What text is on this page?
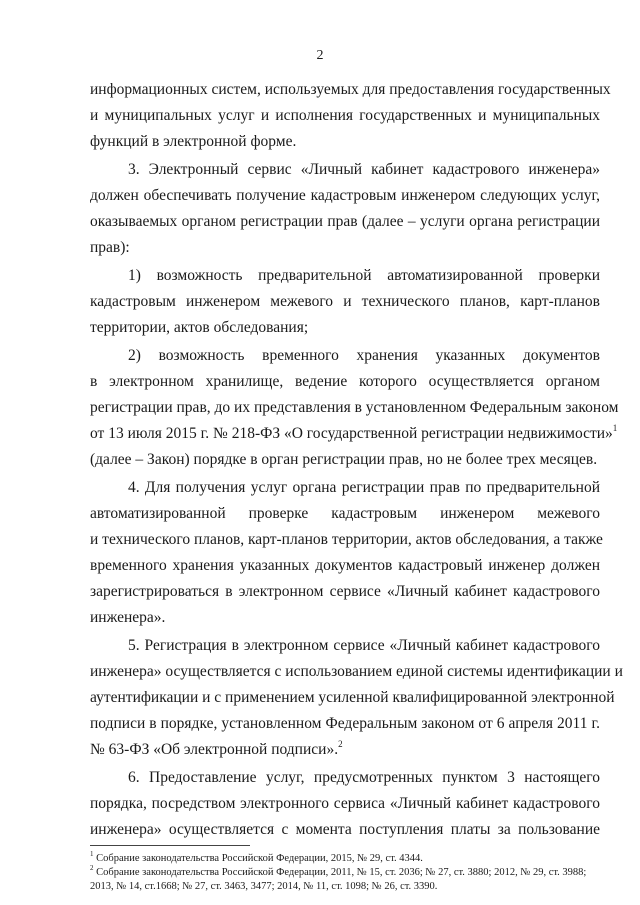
2
информационных систем, используемых для предоставления государственных
и муниципальных услуг и исполнения государственных и муниципальных
функций в электронной форме.
3. Электронный сервис «Личный кабинет кадастрового инженера»
должен обеспечивать получение кадастровым инженером следующих услуг,
оказываемых органом регистрации прав (далее – услуги органа регистрации
прав):
1) возможность предварительной автоматизированной проверки
кадастровым инженером межевого и технического планов, карт-планов
территории, актов обследования;
2) возможность временного хранения указанных документов
в электронном хранилище, ведение которого осуществляется органом
регистрации прав, до их представления в установленном Федеральным законом
от 13 июля 2015 г. № 218-ФЗ «О государственной регистрации недвижимости»$^1$
(далее – Закон) порядке в орган регистрации прав, но не более трех месяцев.
4. Для получения услуг органа регистрации прав по предварительной
автоматизированной проверке кадастровым инженером межевого
и технического планов, карт-планов территории, актов обследования, а также
временного хранения указанных документов кадастровый инженер должен
зарегистрироваться в электронном сервисе «Личный кабинет кадастрового
инженера».
5. Регистрация в электронном сервисе «Личный кабинет кадастрового
инженера» осуществляется с использованием единой системы идентификации и
аутентификации и с применением усиленной квалифицированной электронной
подписи в порядке, установленном Федеральным законом от 6 апреля 2011 г.
№ 63-ФЗ «Об электронной подписи».$^2$
6. Предоставление услуг, предусмотренных пунктом 3 настоящего
порядка, посредством электронного сервиса «Личный кабинет кадастрового
инженера» осуществляется с момента поступления платы за пользование
$^1$ Собрание законодательства Российской Федерации, 2015, № 29, ст. 4344.
$^2$ Собрание законодательства Российской Федерации, 2011, № 15, ст. 2036; № 27, ст. 3880; 2012, № 29, ст. 3988;
2013, № 14, ст.1668; № 27, ст. 3463, 3477; 2014, № 11, ст. 1098; № 26, ст. 3390.
